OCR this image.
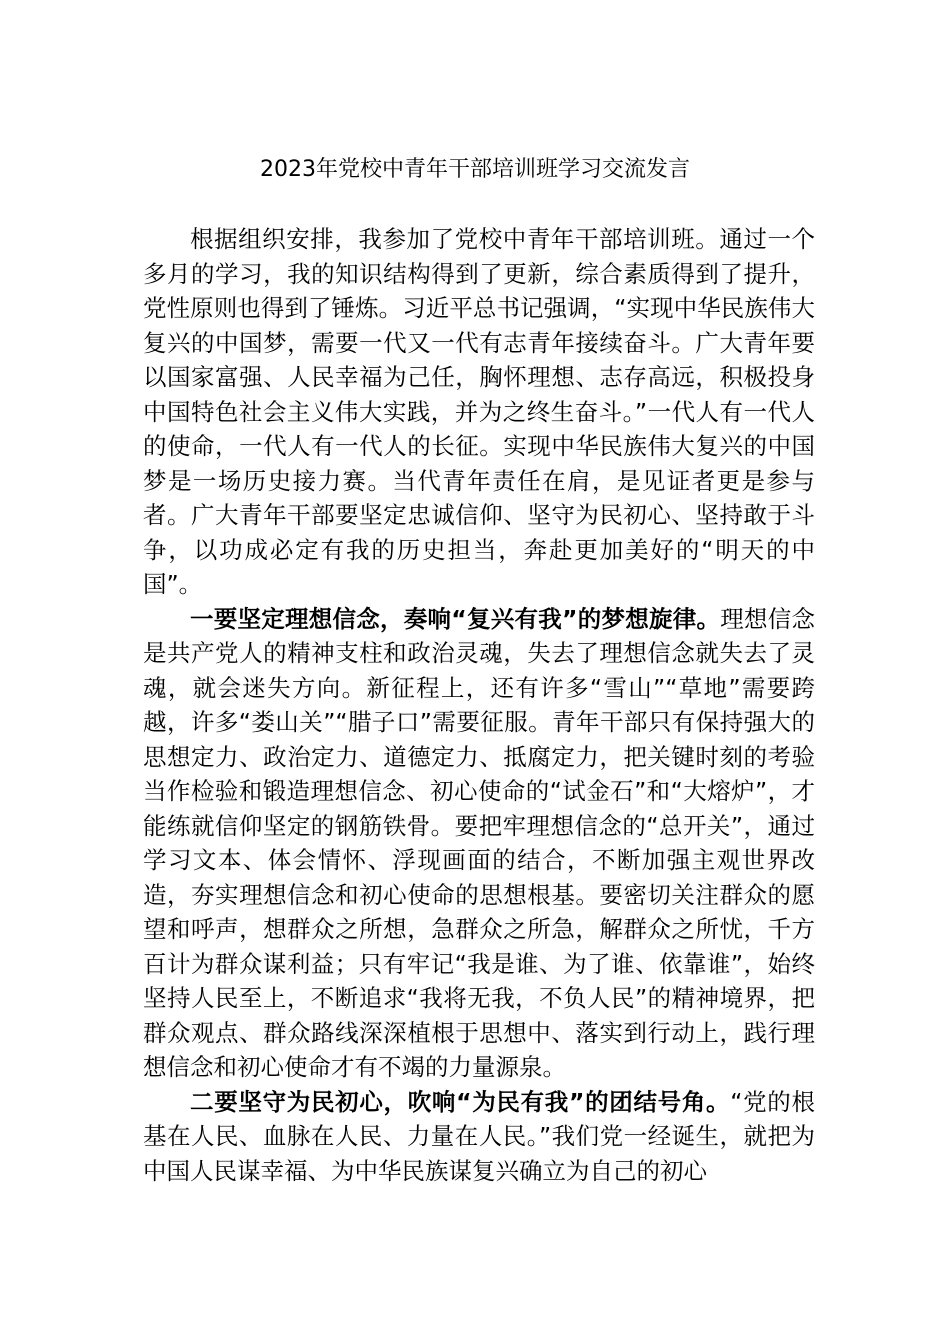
2023年党校中青年干部培训班学习交流发言

根据组织安排，我参加了党校中青年干部培训班。通过一个多月的学习，我的知识结构得到了更新，综合素质得到了提升，党性原则也得到了锤炼。习近平总书记强调，“实现中华民族伟大复兴的中国梦，需要一代又一代有志青年接续奋斗。广大青年要以国家富强、人民幸福为己任，胸怀理想、志存高远，积极投身中国特色社会主义伟大实践，并为之终生奋斗。”一代人有一代人的使命，一代人有一代人的长征。实现中华民族伟大复兴的中国梦是一场历史接力赛。当代青年责任在肩，是见证者更是参与者。广大青年干部要坚定忠诚信仰、坚守为民初心、坚持敢于斗争，以功成必定有我的历史担当，奔赴更加美好的“明天的中国”。

一要坚定理想信念，奏响“复兴有我”的梦想旋律。理想信念是共产党人的精神支柱和政治灵魂，失去了理想信念就失去了灵魂，就会迷失方向。新征程上，还有许多“雪山”“草地”需要跨越，许多“娄山关”“腊子口”需要征服。青年干部只有保持强大的思想定力、政治定力、道德定力、抵腐定力，把关键时刻的考验当作检验和锻造理想信念、初心使命的“试金石”和“大熔炉”，才能练就信仰坚定的钢筋铁骨。要把牢理想信念的“总开关”，通过学习文本、体会情怀、浮现画面的结合，不断加强主观世界改造，夯实理想信念和初心使命的思想根基。要密切关注群众的愿望和呼声，想群众之所想，急群众之所急，解群众之所忧，千方百计为群众谋利益；只有牢记“我是谁、为了谁、依靠谁”，始终坚持人民至上，不断追求“我将无我，不负人民”的精神境界，把群众观点、群众路线深深植根于思想中、落实到行动上，践行理想信念和初心使命才有不竭的力量源泉。

二要坚守为民初心，吹响“为民有我”的团结号角。“党的根基在人民、血脉在人民、力量在人民。”我们党一经诞生，就把为中国人民谋幸福、为中华民族谋复兴确立为自己的初心
